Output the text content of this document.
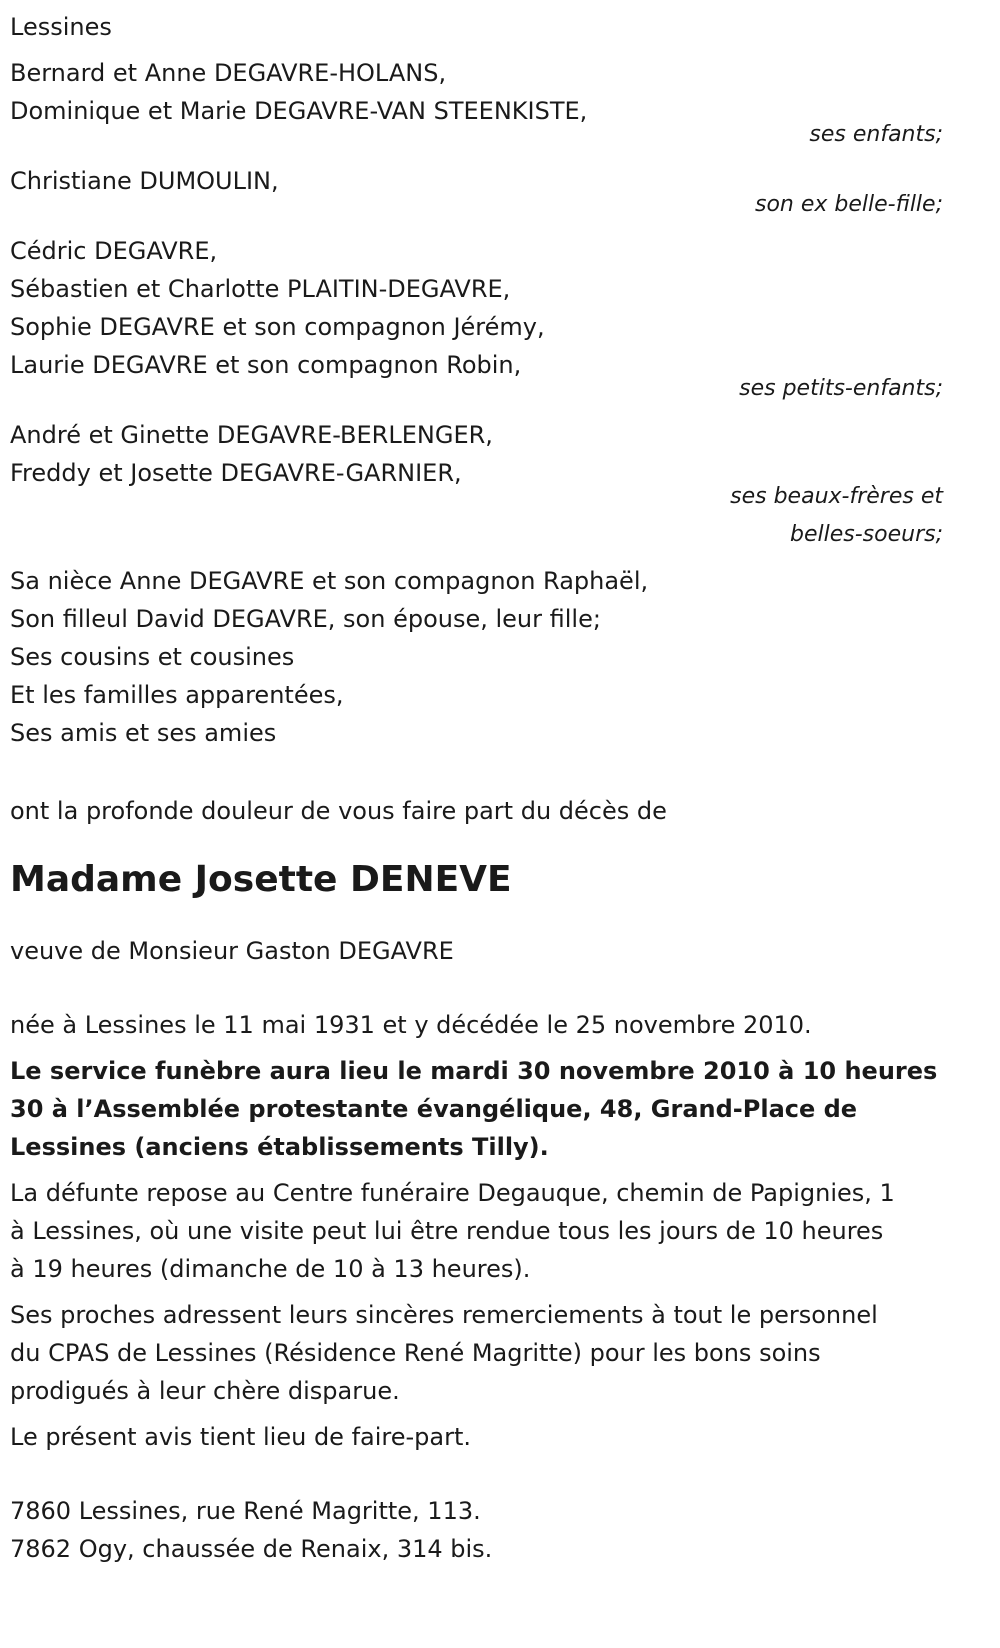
Lessines
Bernard et Anne DEGAVRE-HOLANS,
Dominique et Marie DEGAVRE-VAN STEENKISTE,
ses enfants;
Christiane DUMOULIN,
son ex belle-fille;
Cédric DEGAVRE,
Sébastien et Charlotte PLAITIN-DEGAVRE,
Sophie DEGAVRE et son compagnon Jérémy,
Laurie DEGAVRE et son compagnon Robin,
ses petits-enfants;
André et Ginette DEGAVRE-BERLENGER,
Freddy et Josette DEGAVRE-GARNIER,
ses beaux-frères et
belles-soeurs;
Sa nièce Anne DEGAVRE et son compagnon Raphaël,
Son filleul David DEGAVRE, son épouse, leur fille;
Ses cousins et cousines
Et les familles apparentées,
Ses amis et ses amies
ont la profonde douleur de vous faire part du décès de
Madame Josette DENEVE
veuve de Monsieur Gaston DEGAVRE
née à Lessines le 11 mai 1931 et y décédée le 25 novembre 2010.
Le service funèbre aura lieu le mardi 30 novembre 2010 à 10 heures
30 à l’Assemblée protestante évangélique, 48, Grand-Place de
Lessines (anciens établissements Tilly).
La défunte repose au Centre funéraire Degauque, chemin de Papignies, 1
à Lessines, où une visite peut lui être rendue tous les jours de 10 heures
à 19 heures (dimanche de 10 à 13 heures).
Ses proches adressent leurs sincères remerciements à tout le personnel
du CPAS de Lessines (Résidence René Magritte) pour les bons soins
prodigués à leur chère disparue.
Le présent avis tient lieu de faire-part.
7860 Lessines, rue René Magritte, 113.
7862 Ogy, chaussée de Renaix, 314 bis.
